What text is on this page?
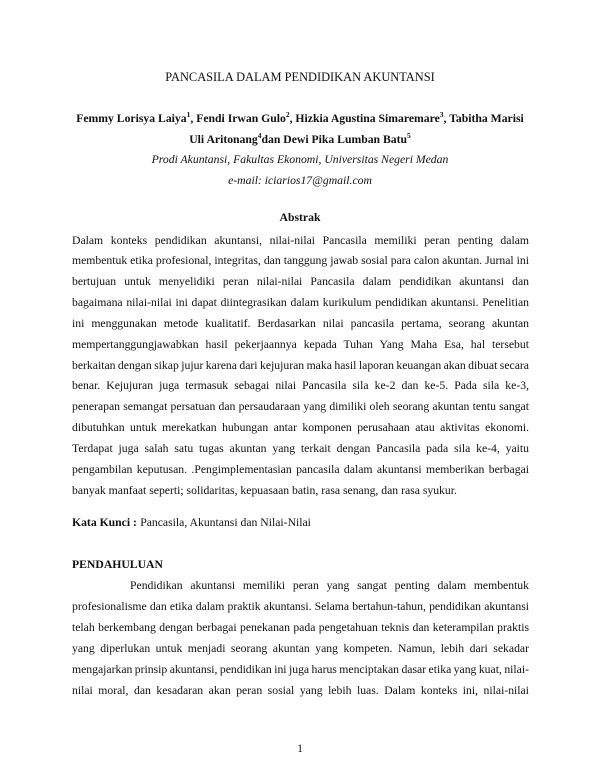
PANCASILA DALAM PENDIDIKAN AKUNTANSI
Femmy Lorisya Laiya$^1$, Fendi Irwan Gulo$^2$, Hizkia Agustina Simaremare$^3$, Tabitha Marisi
Uli Aritonang$^4$dan Dewi Pika Lumban Batu$^5$
Prodi Akuntansi, Fakultas Ekonomi, Universitas Negeri Medan
e-mail: iciarios17@gmail.com
Abstrak
Dalam konteks pendidikan akuntansi, nilai-nilai Pancasila memiliki peran penting dalam
membentuk etika profesional, integritas, dan tanggung jawab sosial para calon akuntan. Jurnal ini
bertujuan untuk menyelidiki peran nilai-nilai Pancasila dalam pendidikan akuntansi dan
bagaimana nilai-nilai ini dapat diintegrasikan dalam kurikulum pendidikan akuntansi. Penelitian
ini menggunakan metode kualitatif. Berdasarkan nilai pancasila pertama, seorang akuntan
mempertanggungjawabkan hasil pekerjaannya kepada Tuhan Yang Maha Esa, hal tersebut
berkaitan dengan sikap jujur karena dari kejujuran maka hasil laporan keuangan akan dibuat secara
benar. Kejujuran juga termasuk sebagai nilai Pancasila sila ke-2 dan ke-5. Pada sila ke-3,
penerapan semangat persatuan dan persaudaraan yang dimiliki oleh seorang akuntan tentu sangat
dibutuhkan untuk merekatkan hubungan antar komponen perusahaan atau aktivitas ekonomi.
Terdapat juga salah satu tugas akuntan yang terkait dengan Pancasila pada sila ke-4, yaitu
pengambilan keputusan. .Pengimplementasian pancasila dalam akuntansi memberikan berbagai
banyak manfaat seperti; solidaritas, kepuasaan batin, rasa senang, dan rasa syukur.
Kata Kunci : Pancasila, Akuntansi dan Nilai-Nilai
PENDAHULUAN
Pendidikan akuntansi memiliki peran yang sangat penting dalam membentuk
profesionalisme dan etika dalam praktik akuntansi. Selama bertahun-tahun, pendidikan akuntansi
telah berkembang dengan berbagai penekanan pada pengetahuan teknis dan keterampilan praktis
yang diperlukan untuk menjadi seorang akuntan yang kompeten. Namun, lebih dari sekadar
mengajarkan prinsip akuntansi, pendidikan ini juga harus menciptakan dasar etika yang kuat, nilai-
nilai moral, dan kesadaran akan peran sosial yang lebih luas. Dalam konteks ini, nilai-nilai
1
